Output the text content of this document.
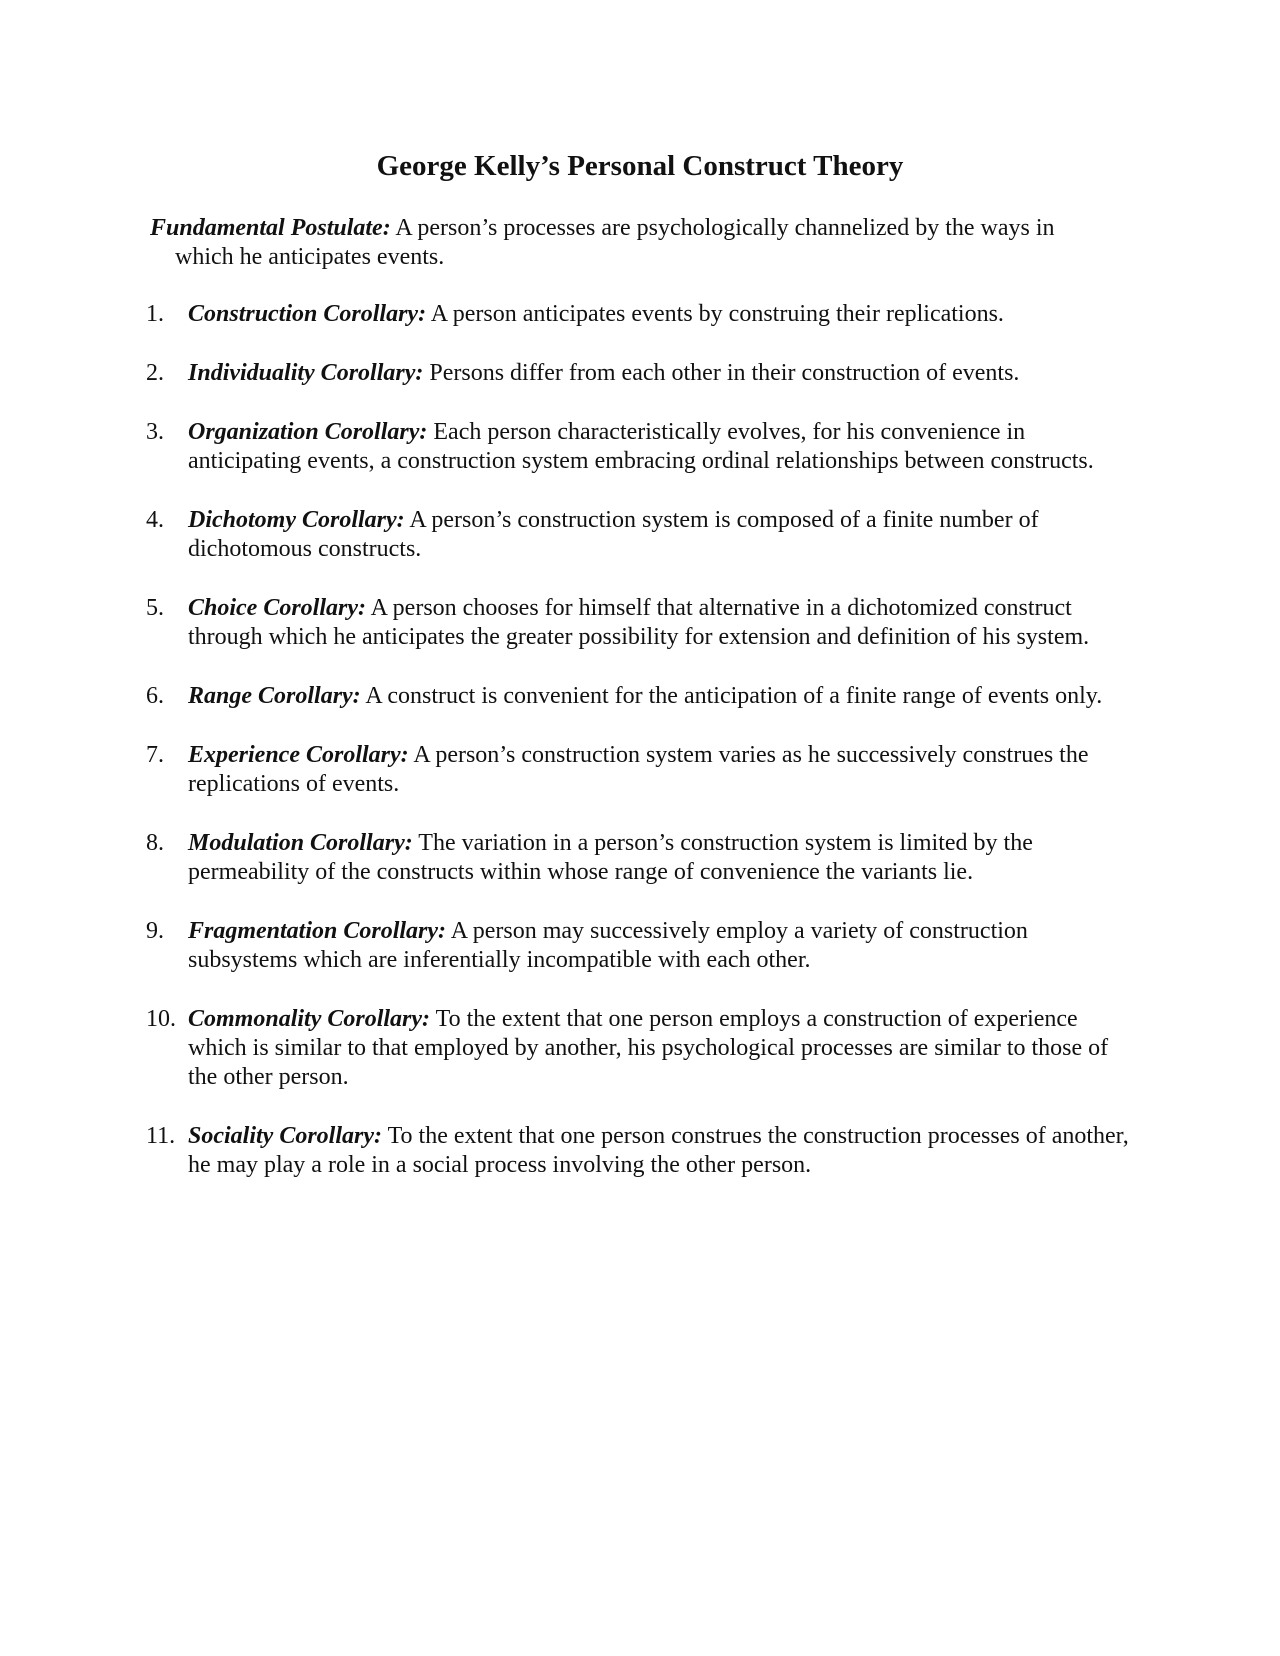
George Kelly’s Personal Construct Theory

Fundamental Postulate: A person’s processes are psychologically channelized by the ways in which he anticipates events.

1.	Construction Corollary: A person anticipates events by construing their replications.
2.	Individuality Corollary: Persons differ from each other in their construction of events.
3.	Organization Corollary: Each person characteristically evolves, for his convenience in anticipating events, a construction system embracing ordinal relationships between constructs.
4.	Dichotomy Corollary: A person’s construction system is composed of a finite number of dichotomous constructs.
5.	Choice Corollary: A person chooses for himself that alternative in a dichotomized construct through which he anticipates the greater possibility for extension and definition of his system.
6.	Range Corollary: A construct is convenient for the anticipation of a finite range of events only.
7.	Experience Corollary: A person’s construction system varies as he successively construes the replications of events.
8.	Modulation Corollary: The variation in a person’s construction system is limited by the permeability of the constructs within whose range of convenience the variants lie.
9.	Fragmentation Corollary: A person may successively employ a variety of construction subsystems which are inferentially incompatible with each other.
10. Commonality Corollary: To the extent that one person employs a construction of experience which is similar to that employed by another, his psychological processes are similar to those of the other person.
11. Sociality Corollary: To the extent that one person construes the construction processes of another, he may play a role in a social process involving the other person.
